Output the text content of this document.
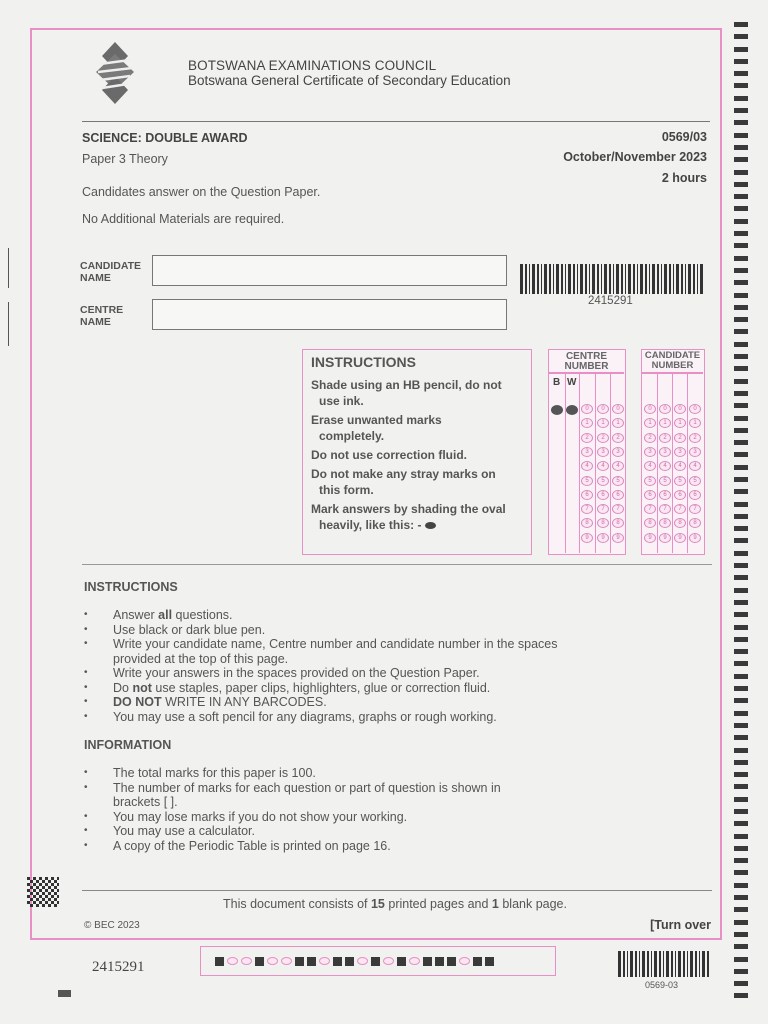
BOTSWANA EXAMINATIONS COUNCIL
Botswana General Certificate of Secondary Education
SCIENCE: DOUBLE AWARD	0569/03
Paper 3 Theory	October/November 2023
2 hours
Candidates answer on the Question Paper.
No Additional Materials are required.
CANDIDATE
NAME
CENTRE
NAME
2415291
INSTRUCTIONS
Shade using an HB pencil, do not
use ink.
Erase unwanted marks
completely.
Do not use correction fluid.
Do not make any stray marks on
this form.
Mark answers by shading the oval
heavily, like this: -
CENTRE
NUMBER
B W
0	0	0
1	1	1
2	2	2
3	3	3
4	4	4
5	5	5
6	6	6
7	7	7
8	8	8
9	9	9
CANDIDATE
NUMBER
0	0	0	0
1	1	1	1
2	2	2	2
3	3	3	3
4	4	4	4
5	5	5	5
6	6	6	6
7	7	7	7
8	8	8	8
9	9	9	9
INSTRUCTIONS
• Answer all questions.
• Use black or dark blue pen.
• Write your candidate name, Centre number and candidate number in the spaces
provided at the top of this page.
• Write your answers in the spaces provided on the Question Paper.
• Do not use staples, paper clips, highlighters, glue or correction fluid.
• DO NOT WRITE IN ANY BARCODES.
• You may use a soft pencil for any diagrams, graphs or rough working.
INFORMATION
• The total marks for this paper is 100.
• The number of marks for each question or part of question is shown in
brackets [ ].
• You may lose marks if you do not show your working.
• You may use a calculator.
• A copy of the Periodic Table is printed on page 16.
This document consists of 15 printed pages and 1 blank page.
© BEC 2023	[Turn over
2415291
0569-03
